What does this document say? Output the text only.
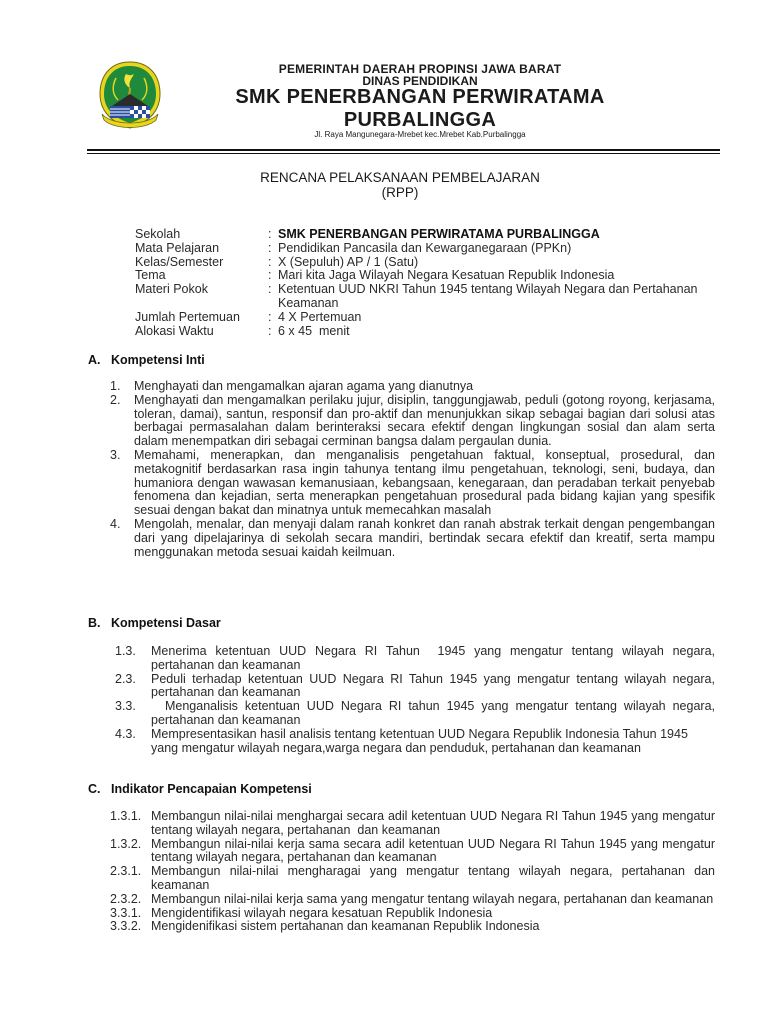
PEMERINTAH DAERAH PROPINSI JAWA BARAT
DINAS PENDIDIKAN
SMK PENERBANGAN PERWIRATAMA
PURBALINGGA
Jl. Raya Mangunegara-Mrebet kec.Mrebet Kab.Purbalingga
RENCANA PELAKSANAAN PEMBELAJARAN
(RPP)
Sekolah	: SMK PENERBANGAN PERWIRATAMA PURBALINGGA
Mata Pelajaran	: Pendidikan Pancasila dan Kewarganegaraan (PPKn)
Kelas/Semester	: X (Sepuluh) AP / 1 (Satu)
Tema	: Mari kita Jaga Wilayah Negara Kesatuan Republik Indonesia
Materi Pokok	: Ketentuan UUD NKRI Tahun 1945 tentang Wilayah Negara dan Pertahanan Keamanan
Jumlah Pertemuan	: 4 X Pertemuan
Alokasi Waktu	: 6 x 45  menit
A. Kompetensi Inti
1.	Menghayati dan mengamalkan ajaran agama yang dianutnya
2.	Menghayati dan mengamalkan perilaku jujur, disiplin, tanggungjawab, peduli (gotong royong, kerjasama, toleran, damai), santun, responsif dan pro-aktif dan menunjukkan sikap sebagai bagian dari solusi atas berbagai permasalahan dalam berinteraksi secara efektif dengan lingkungan sosial dan alam serta dalam menempatkan diri sebagai cerminan bangsa dalam pergaulan dunia.
3.	Memahami, menerapkan, dan menganalisis pengetahuan faktual, konseptual, prosedural, dan metakognitif berdasarkan rasa ingin tahunya tentang ilmu pengetahuan, teknologi, seni, budaya, dan humaniora dengan wawasan kemanusiaan, kebangsaan, kenegaraan, dan peradaban terkait penyebab fenomena dan kejadian, serta menerapkan pengetahuan prosedural pada bidang kajian yang spesifik sesuai dengan bakat dan minatnya untuk memecahkan masalah
4.	Mengolah, menalar, dan menyaji dalam ranah konkret dan ranah abstrak terkait dengan pengembangan dari yang dipelajarinya di sekolah secara mandiri, bertindak secara efektif dan kreatif, serta mampu menggunakan metoda sesuai kaidah keilmuan.
B. Kompetensi Dasar
1.3.	Menerima ketentuan UUD Negara RI Tahun  1945 yang mengatur tentang wilayah negara, pertahanan dan keamanan
2.3.	Peduli terhadap ketentuan UUD Negara RI Tahun 1945 yang mengatur tentang wilayah negara, pertahanan dan keamanan
3.3.	Menganalisis ketentuan UUD Negara RI tahun 1945 yang mengatur tentang wilayah negara,  pertahanan dan keamanan
4.3.	Mempresentasikan hasil analisis tentang ketentuan UUD Negara Republik Indonesia Tahun 1945 yang mengatur wilayah negara,warga negara dan penduduk, pertahanan dan keamanan
C. Indikator Pencapaian Kompetensi
1.3.1. Membangun nilai-nilai menghargai secara adil ketentuan UUD Negara RI Tahun 1945 yang mengatur tentang wilayah negara, pertahanan  dan keamanan
1.3.2. Membangun nilai-nilai kerja sama secara adil ketentuan UUD Negara RI Tahun 1945 yang mengatur tentang wilayah negara, pertahanan dan keamanan
2.3.1. Membangun nilai-nilai mengharagai yang mengatur tentang wilayah negara, pertahanan dan keamanan
2.3.2. Membangun nilai-nilai kerja sama yang mengatur tentang wilayah negara, pertahanan dan keamanan
3.3.1. Mengidentifikasi wilayah negara kesatuan Republik Indonesia
3.3.2. Mengidenifikasi sistem pertahanan dan keamanan Republik Indonesia
